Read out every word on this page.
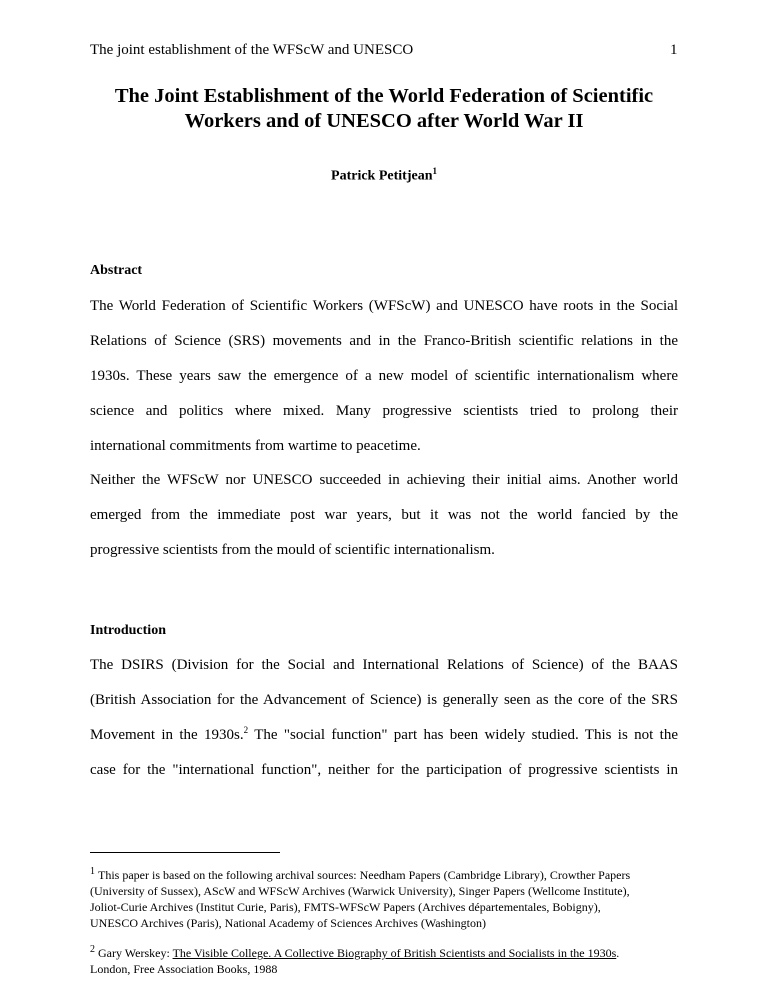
The joint establishment of the WFScW and UNESCO	1
The Joint Establishment of the World Federation of Scientific
Workers and of UNESCO after World War II
Patrick Petitjean$^1$
Abstract
The World Federation of Scientific Workers (WFScW) and UNESCO have roots in the Social
Relations of Science (SRS) movements and in the Franco-British scientific relations in the
1930s. These years saw the emergence of a new model of scientific internationalism where
science and politics where mixed. Many progressive scientists tried to prolong their
international commitments from wartime to peacetime.
Neither the WFScW nor UNESCO succeeded in achieving their initial aims. Another world
emerged from the immediate post war years, but it was not the world fancied by the
progressive scientists from the mould of scientific internationalism.
Introduction
The DSIRS (Division for the Social and International Relations of Science) of the BAAS
(British Association for the Advancement of Science) is generally seen as the core of the SRS
Movement in the 1930s.$^2$ The "social function" part has been widely studied. This is not the
case for the "international function", neither for the participation of progressive scientists in
$^1$ This paper is based on the following archival sources: Needham Papers (Cambridge Library), Crowther Papers
(University of Sussex), AScW and WFScW Archives (Warwick University), Singer Papers (Wellcome Institute),
Joliot-Curie Archives (Institut Curie, Paris), FMTS-WFScW Papers (Archives départementales, Bobigny),
UNESCO Archives (Paris), National Academy of Sciences Archives (Washington)
$^2$ Gary Werskey: The Visible College. A Collective Biography of British Scientists and Socialists in the 1930s.
London, Free Association Books, 1988
